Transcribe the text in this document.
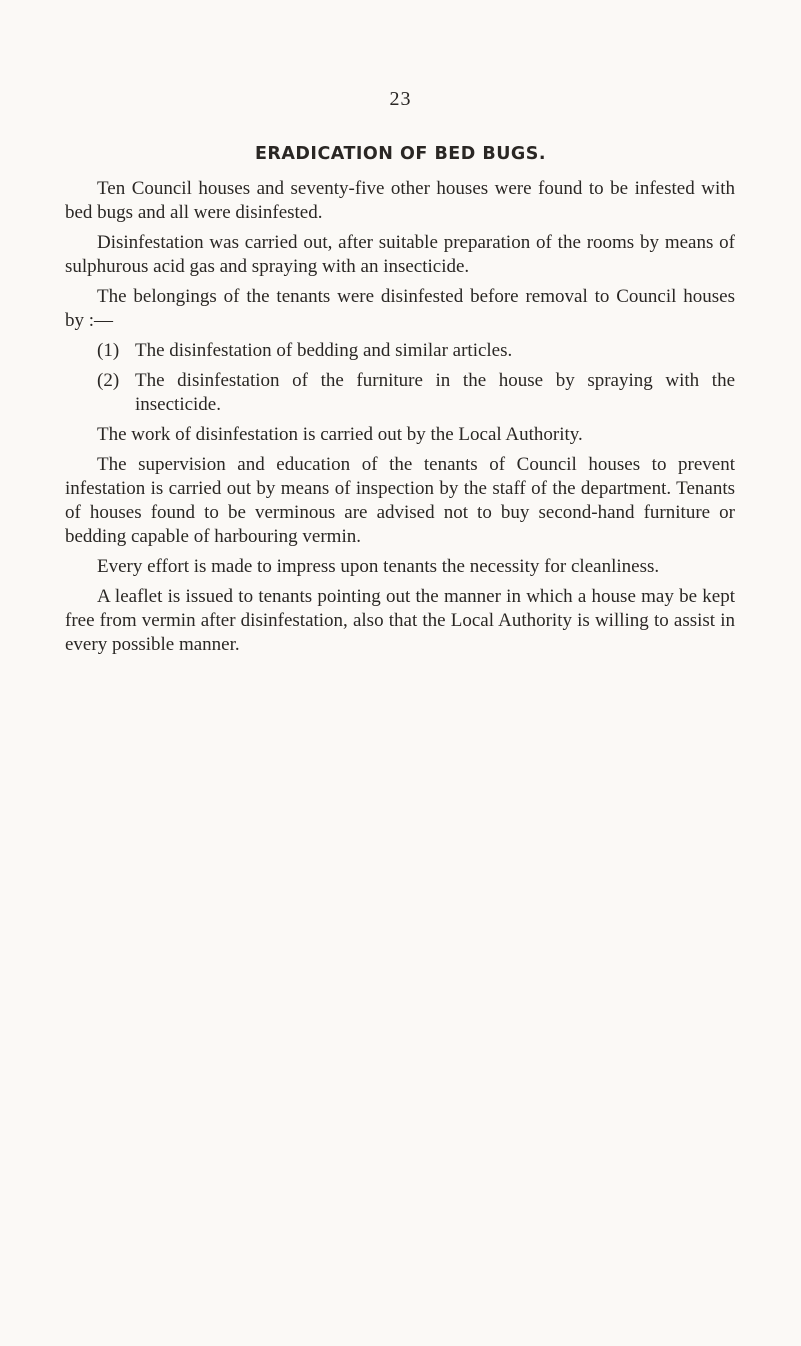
23
ERADICATION OF BED BUGS.

Ten Council houses and seventy-five other houses were found to be infested with bed bugs and all were disinfested.

Disinfestation was carried out, after suitable preparation of the rooms by means of sulphurous acid gas and spraying with an insecticide.

The belongings of the tenants were disinfested before removal to Council houses by :—

(1) The disinfestation of bedding and similar articles.
(2) The disinfestation of the furniture in the house by spraying with the insecticide.

The work of disinfestation is carried out by the Local Authority.

The supervision and education of the tenants of Council houses to prevent infestation is carried out by means of inspection by the staff of the department. Tenants of houses found to be verminous are advised not to buy second-hand furniture or bedding capable of harbouring vermin.

Every effort is made to impress upon tenants the necessity for cleanliness.

A leaflet is issued to tenants pointing out the manner in which a house may be kept free from vermin after disinfestation, also that the Local Authority is willing to assist in every possible manner.
